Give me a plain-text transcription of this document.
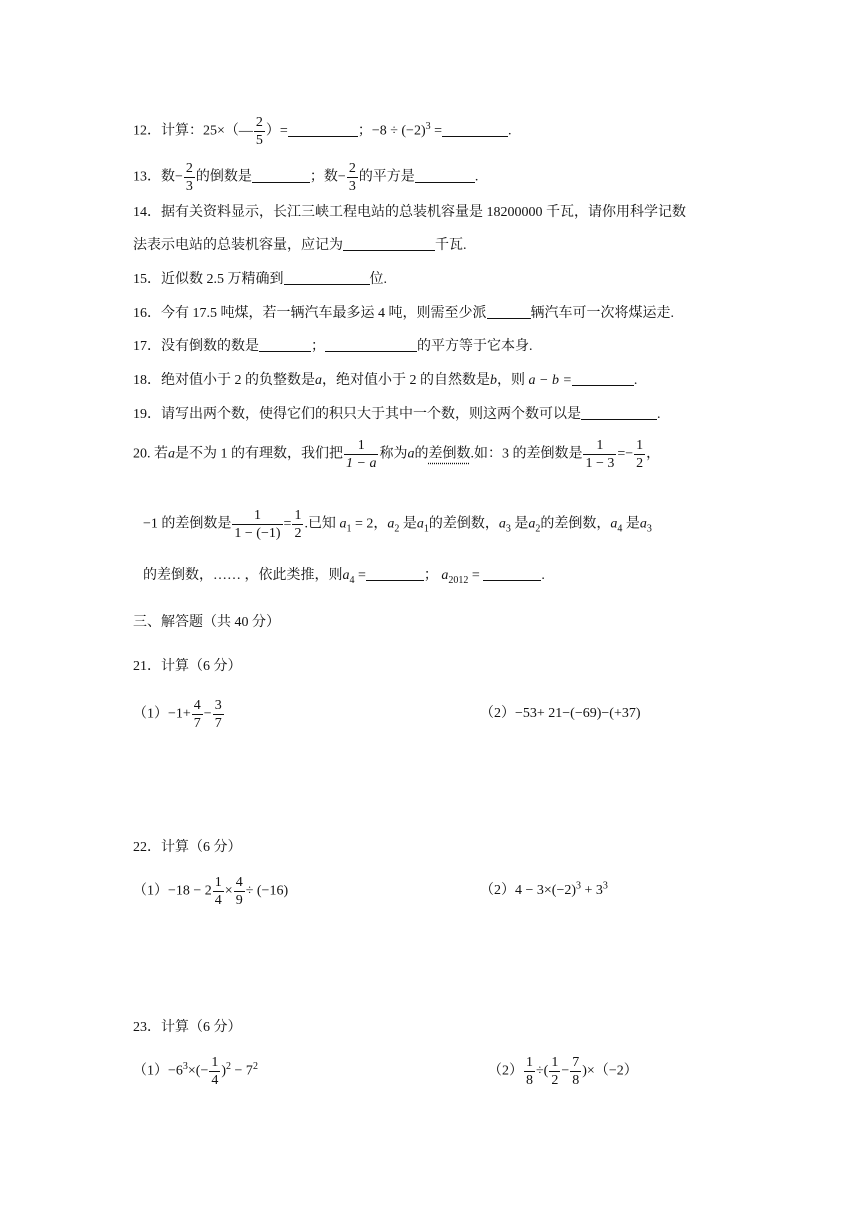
12．计算：25×（— $\frac{2}{5}$ ）=	；$-8 \div (-2)^3$ =	.
13．数− $\frac{2}{3}$ 的倒数是	；数− $\frac{2}{3}$ 的平方是	.
14．据有关资料显示，长江三峡工程电站的总装机容量是 18200000 千瓦，请你用科学记数
法表示电站的总装机容量，应记为	千瓦.
15．近似数 2.5 万精确到	位.
16．今有 17.5 吨煤，若一辆汽车最多运 4 吨，则需至少派	辆汽车可一次将煤运走.
17．没有倒数的数是	；	的平方等于它本身.
18．绝对值小于 2 的负整数是a，绝对值小于 2 的自然数是b，则 a − b =	.
19．请写出两个数，使得它们的积只大于其中一个数，则这两个数可以是	.
20. 若a是不为 1 的有理数，我们把 $\frac{1}{1 - a}$ 称为a的差倒数.如：3 的差倒数是 $\frac{1}{1 - 3} =- \frac{1}{2}$ ，
−1 的差倒数是 $\frac{1}{1 - (-1)} = \frac{1}{2}$ .已知 $a_1 = 2$，$a_2$ 是$a_1$的差倒数，$a_3$ 是$a_2$的差倒数，$a_4$ 是$a_3$
的差倒数，…… ，依此类推，则$a_4$ =	； $a_{2012}$ =	.
三、解答题（共 40 分）
21．计算（6 分）
$(1)-1+ \frac{4}{7} - \frac{3}{7}$	（2）−53+ 21−(−69)−(+37)
22．计算（6 分）
$(1)-18 - 2 \frac{1}{4} \times \frac{4}{9} \div (-16)$	$(2)4 - 3\times(-2)^3 + 3^3$
23．计算（6 分）
$(1)-6^3\times(- \frac{1}{4} )^2 - 7^2$	$(2) \frac{1}{8}$ ÷( $\frac{1}{2} - \frac{7}{8} )\times(-2)$
